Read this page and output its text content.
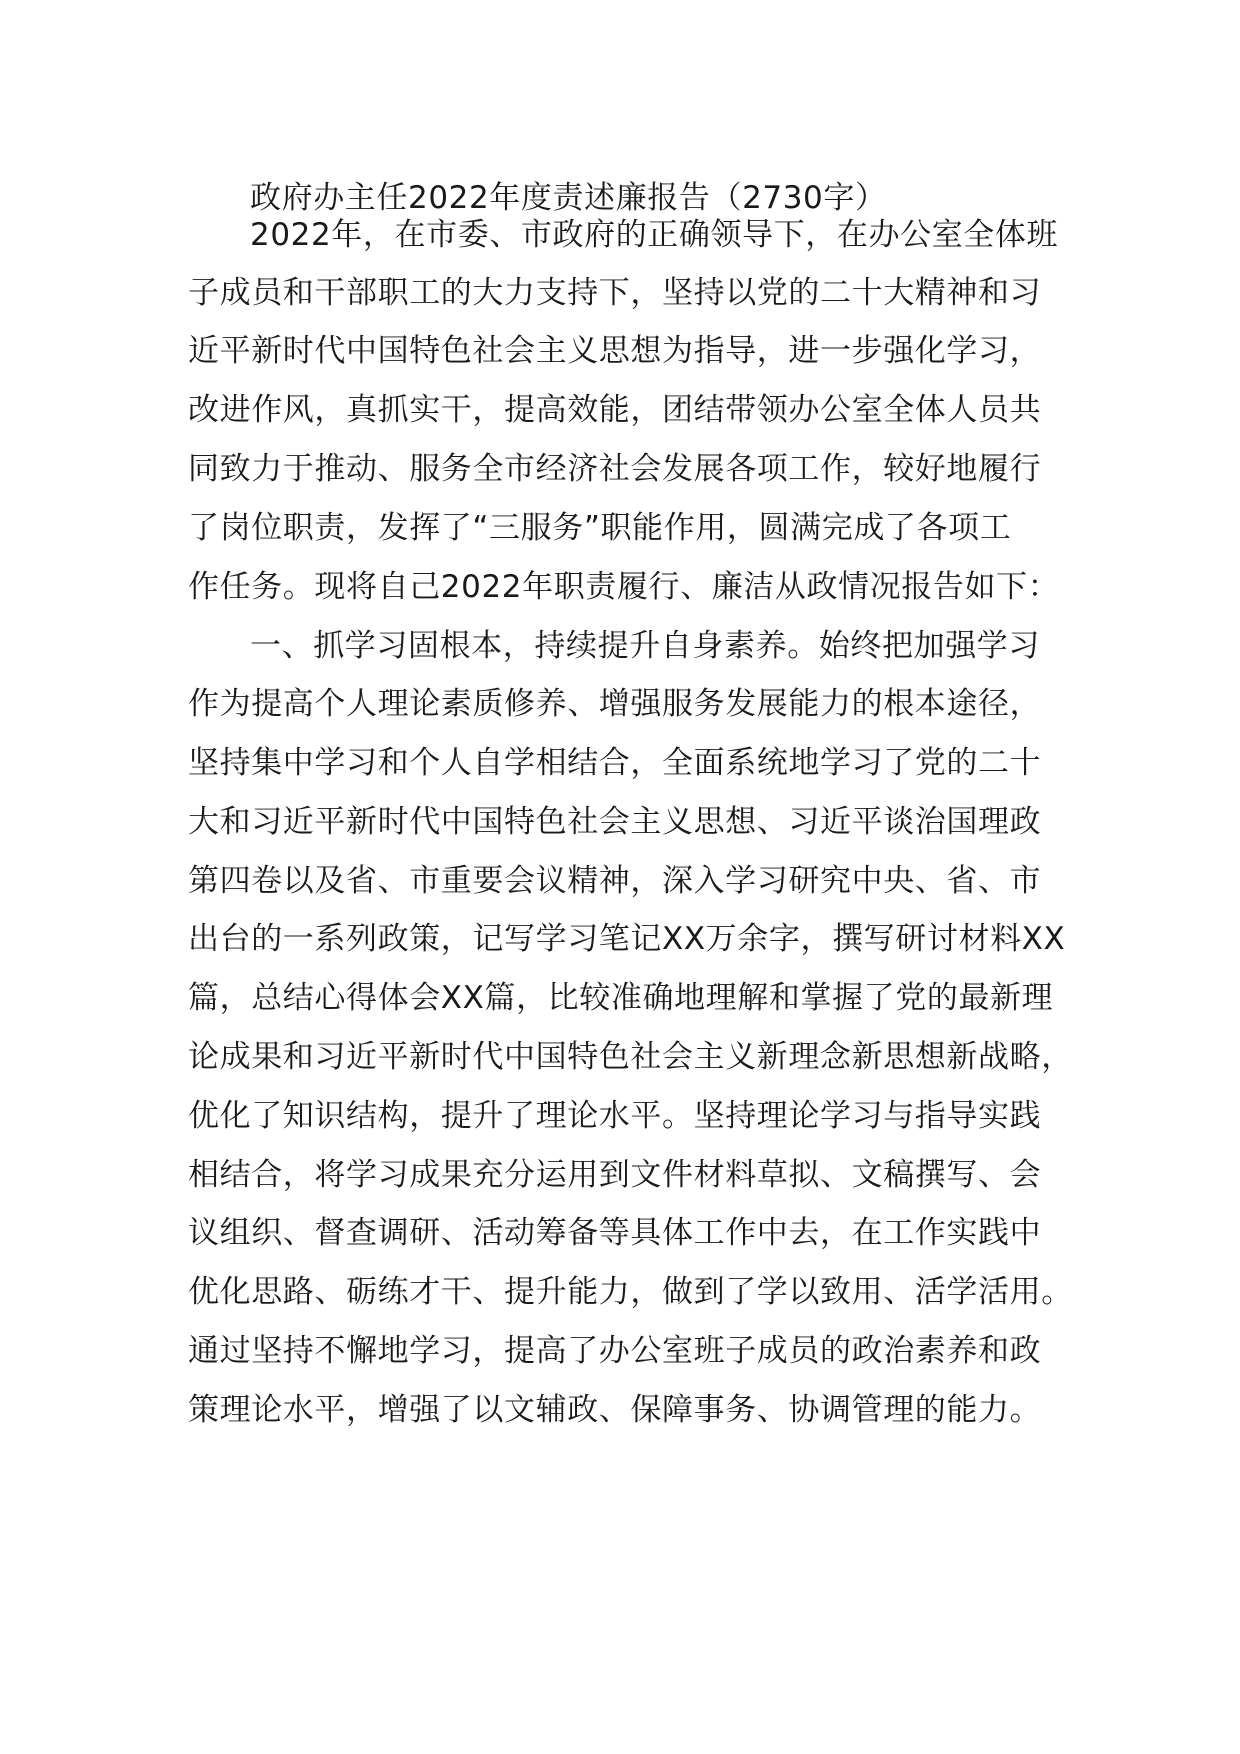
政府办主任2022年度责述廉报告（2730字）
2022年，在市委、市政府的正确领导下，在办公室全体班
子成员和干部职工的大力支持下，坚持以党的二十大精神和习
近平新时代中国特色社会主义思想为指导，进一步强化学习，
改进作风，真抓实干，提高效能，团结带领办公室全体人员共
同致力于推动、服务全市经济社会发展各项工作，较好地履行
了岗位职责，发挥了“三服务”职能作用，圆满完成了各项工
作任务。现将自己2022年职责履行、廉洁从政情况报告如下：
一、抓学习固根本，持续提升自身素养。始终把加强学习
作为提高个人理论素质修养、增强服务发展能力的根本途径，
坚持集中学习和个人自学相结合，全面系统地学习了党的二十
大和习近平新时代中国特色社会主义思想、习近平谈治国理政
第四卷以及省、市重要会议精神，深入学习研究中央、省、市
出台的一系列政策，记写学习笔记XX万余字，撰写研讨材料XX
篇，总结心得体会XX篇，比较准确地理解和掌握了党的最新理
论成果和习近平新时代中国特色社会主义新理念新思想新战略，
优化了知识结构，提升了理论水平。坚持理论学习与指导实践
相结合，将学习成果充分运用到文件材料草拟、文稿撰写、会
议组织、督查调研、活动筹备等具体工作中去，在工作实践中
优化思路、砺练才干、提升能力，做到了学以致用、活学活用。
通过坚持不懈地学习，提高了办公室班子成员的政治素养和政
策理论水平，增强了以文辅政、保障事务、协调管理的能力。
